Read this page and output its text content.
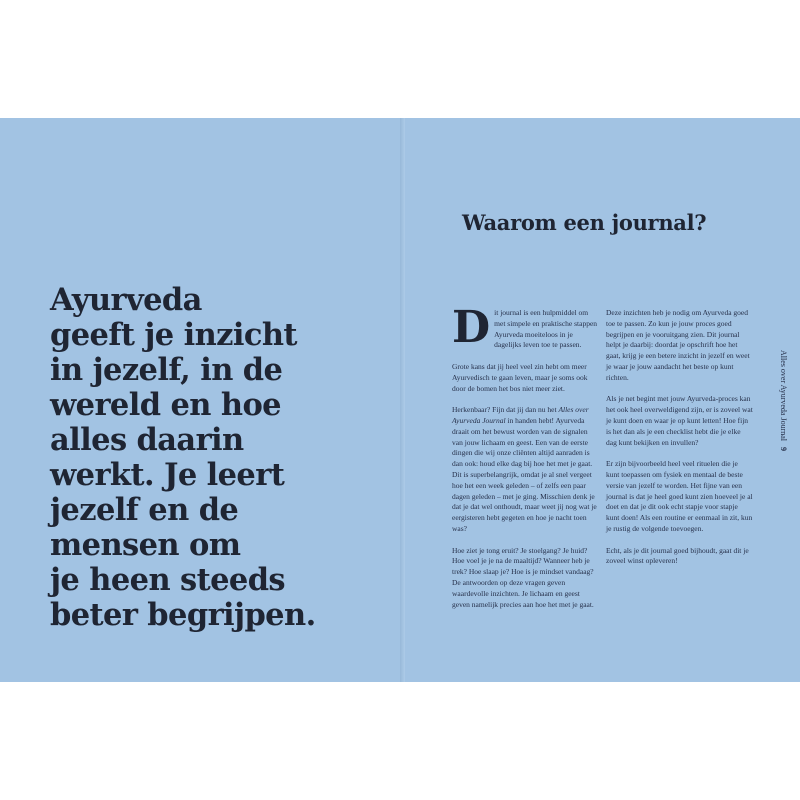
Ayurveda
geeft je inzicht
in jezelf, in de
wereld en hoe
alles daarin
werkt. Je leert
jezelf en de
mensen om
je heen steeds
beter begrijpen.
Waarom een journal?

Dit journal is een hulpmiddel om met simpele en praktische stappen Ayurveda moeiteloos in je dagelijks leven toe te passen.

Grote kans dat jij heel veel zin hebt om meer Ayurvedisch te gaan leven, maar je soms ook door de bomen het bos niet meer ziet.

Herkenbaar? Fijn dat jij dan nu het Alles over Ayurveda Journal in handen hebt! Ayurveda draait om het bewust worden van de signalen van jouw lichaam en geest. Een van de eerste dingen die wij onze cliënten altijd aanraden is dan ook: houd elke dag bij hoe het met je gaat. Dit is superbelangrijk, omdat je al snel vergeet hoe het een week geleden – of zelfs een paar dagen geleden – met je ging. Misschien denk je dat je dat wel onthoudt, maar weet jij nog wat je eergisteren hebt gegeten en hoe je nacht toen was?

Hoe ziet je tong eruit? Je stoelgang? Je huid? Hoe voel je je na de maaltijd? Wanneer heb je trek? Hoe slaap je? Hoe is je mindset vandaag? De antwoorden op deze vragen geven waardevolle inzichten. Je lichaam en geest geven namelijk precies aan hoe het met je gaat.

Deze inzichten heb je nodig om Ayurveda goed toe te passen. Zo kun je jouw proces goed begrijpen en je vooruitgang zien. Dit journal helpt je daarbij: doordat je opschrift hoe het gaat, krijg je een betere inzicht in jezelf en weet je waar je jouw aandacht het beste op kunt richten.

Als je net begint met jouw Ayurveda-proces kan het ook heel overweldigend zijn, er is zoveel wat je kunt doen en waar je op kunt letten! Hoe fijn is het dan als je een checklist hebt die je elke dag kunt bekijken en invullen?

Er zijn bijvoorbeeld heel veel rituelen die je kunt toepassen om fysiek en mentaal de beste versie van jezelf te worden. Het fijne van een journal is dat je heel goed kunt zien hoeveel je al doet en dat je dit ook echt stapje voor stapje kunt doen! Als een routine er eenmaal in zit, kun je rustig de volgende toevoegen.

Echt, als je dit journal goed bijhoudt, gaat dit je zoveel winst opleveren!

Alles over Ayurveda Journal9
